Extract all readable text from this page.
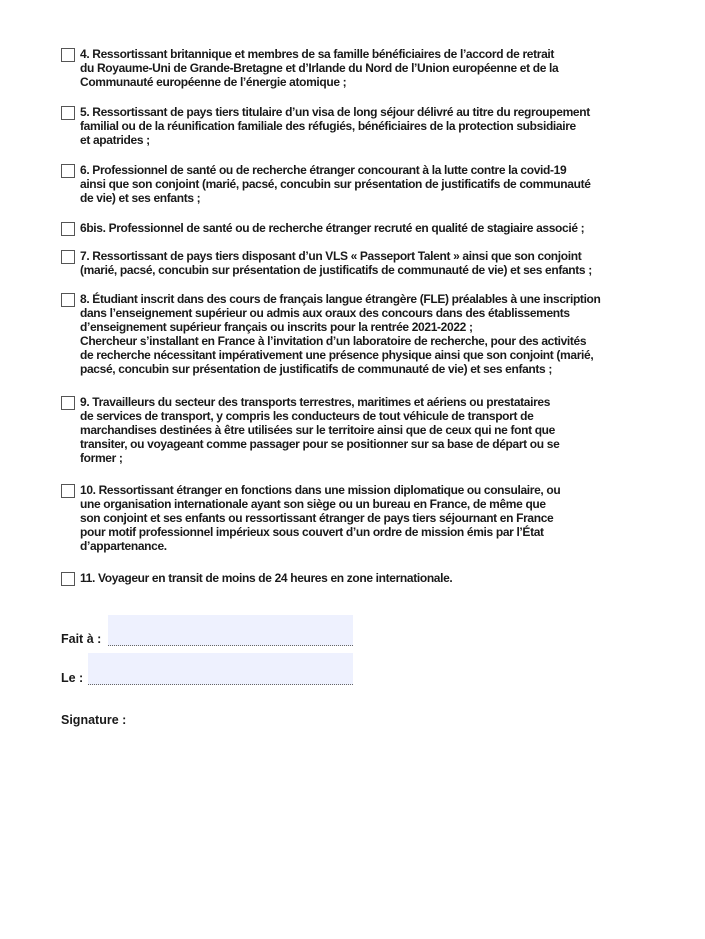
4. Ressortissant britannique et membres de sa famille bénéficiaires de l’accord de retrait
du Royaume-Uni de Grande-Bretagne et d’Irlande du Nord de l’Union européenne et de la
Communauté européenne de l’énergie atomique ;
5. Ressortissant de pays tiers titulaire d’un visa de long séjour délivré au titre du regroupement
familial ou de la réunification familiale des réfugiés, bénéficiaires de la protection subsidiaire
et apatrides ;
6. Professionnel de santé ou de recherche étranger concourant à la lutte contre la covid-19
ainsi que son conjoint (marié, pacsé, concubin sur présentation de justificatifs de communauté
de vie) et ses enfants ;
6bis. Professionnel de santé ou de recherche étranger recruté en qualité de stagiaire associé ;
7. Ressortissant de pays tiers disposant d’un VLS « Passeport Talent » ainsi que son conjoint
(marié, pacsé, concubin sur présentation de justificatifs de communauté de vie) et ses enfants ;
8. Étudiant inscrit dans des cours de français langue étrangère (FLE) préalables à une inscription
dans l’enseignement supérieur ou admis aux oraux des concours dans des établissements
d’enseignement supérieur français ou inscrits pour la rentrée 2021-2022 ;
Chercheur s’installant en France à l’invitation d’un laboratoire de recherche, pour des activités
de recherche nécessitant impérativement une présence physique ainsi que son conjoint (marié,
pacsé, concubin sur présentation de justificatifs de communauté de vie) et ses enfants ;
9. Travailleurs du secteur des transports terrestres, maritimes et aériens ou prestataires
de services de transport, y compris les conducteurs de tout véhicule de transport de
marchandises destinées à être utilisées sur le territoire ainsi que de ceux qui ne font que
transiter, ou voyageant comme passager pour se positionner sur sa base de départ ou se
former ;
10. Ressortissant étranger en fonctions dans une mission diplomatique ou consulaire, ou
une organisation internationale ayant son siège ou un bureau en France, de même que
son conjoint et ses enfants ou ressortissant étranger de pays tiers séjournant en France
pour motif professionnel impérieux sous couvert d’un ordre de mission émis par l’État
d’appartenance.
11. Voyageur en transit de moins de 24 heures en zone internationale.
Fait à :
Le :
Signature :
